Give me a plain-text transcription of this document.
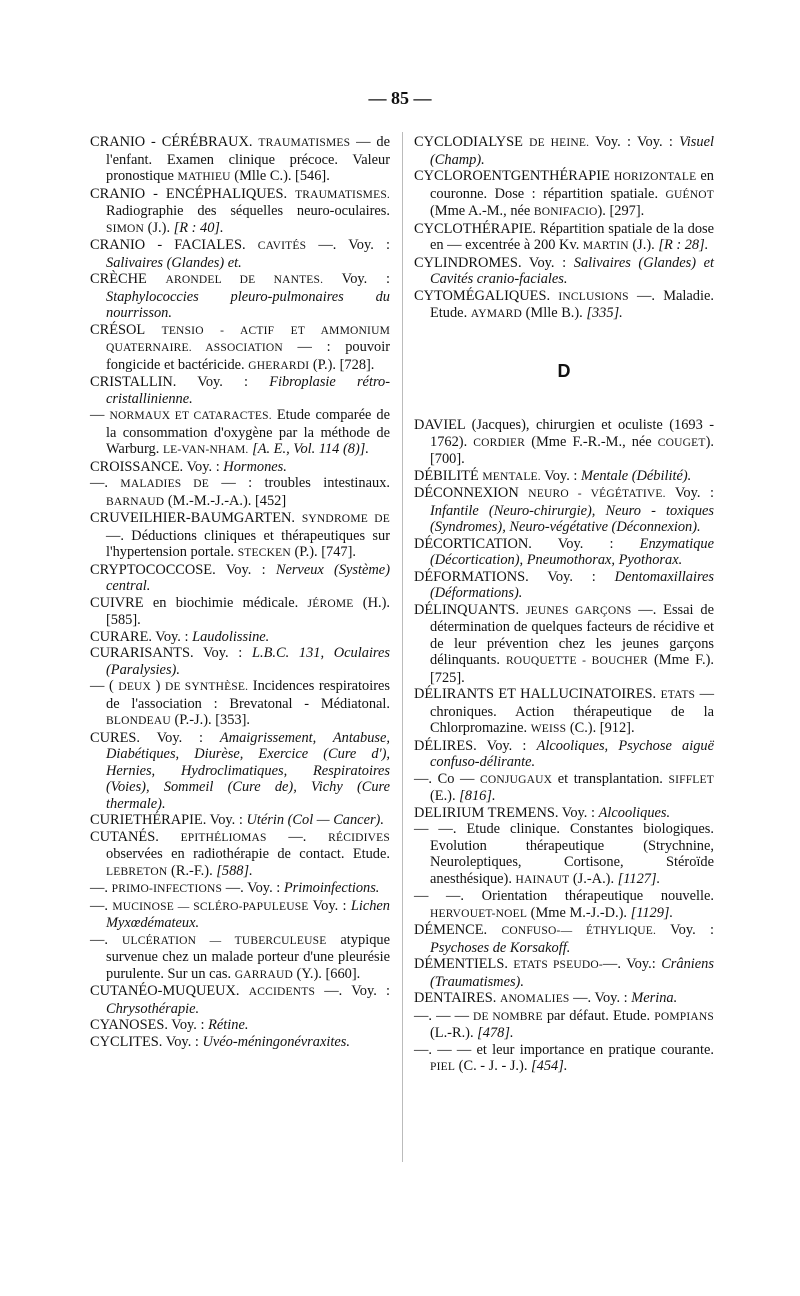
— 85 —
CRANIO - CÉRÉBRAUX. TRAUMATISMES — de l'enfant. Examen clinique précoce. Valeur pronostique MATHIEU (Mlle C.). [546].
CRANIO - ENCÉPHALIQUES. TRAUMATISMES. Radiographie des séquelles neuro-oculaires. SIMON (J.). [R : 40].
CRANIO - FACIALES. CAVITÉS —. Voy. : Salivaires (Glandes) et.
CRÈCHE ARONDEL DE NANTES. Voy. : Staphylococcies pleuro-pulmonaires du nourrisson.
CRÉSOL TENSIO - ACTIF ET AMMONIUM QUATERNAIRE. ASSOCIATION — : pouvoir fongicide et bactéricide. GHERARDI (P.). [728].
CRISTALLIN. Voy. : Fibroplasie rétro-cristallinienne.
— NORMAUX ET CATARACTES. Etude comparée de la consommation d'oxygène par la méthode de Warburg. LE-VAN-NHAM. [A. E., Vol. 114 (8)].
CROISSANCE. Voy. : Hormones.
—. MALADIES DE — : troubles intestinaux. BARNAUD (M.-M.-J.-A.). [452]
CRUVEILHIER-BAUMGARTEN. SYNDROME DE —. Déductions cliniques et thérapeutiques sur l'hypertension portale. STECKEN (P.). [747].
CRYPTOCOCCOSE. Voy. : Nerveux (Système) central.
CUIVRE en biochimie médicale. JÉROME (H.). [585].
CURARE. Voy. : Laudolissine.
CURARISANTS. Voy. : L.B.C. 131, Oculaires (Paralysies).
— ( DEUX ) DE SYNTHÈSE. Incidences respiratoires de l'association : Brevatonal - Médiatonal. BLONDEAU (P.-J.). [353].
CURES. Voy. : Amaigrissement, Antabuse, Diabétiques, Diurèse, Exercice (Cure d'), Hernies, Hydroclimatiques, Respiratoires (Voies), Sommeil (Cure de), Vichy (Cure thermale).
CURIETHÉRAPIE. Voy. : Utérin (Col — Cancer).
CUTANÉS. EPITHÉLIOMAS —. RÉCIDIVES observées en radiothérapie de contact. Etude. LEBRETON (R.-F.). [588].
—. PRIMO-INFECTIONS —. Voy. : Primoinfections.
—. MUCINOSE — SCLÉRO-PAPULEUSE Voy. : Lichen Myxœdémateux.
—. ULCÉRATION — TUBERCULEUSE atypique survenue chez un malade porteur d'une pleurésie purulente. Sur un cas. GARRAUD (Y.). [660].
CUTANÉO-MUQUEUX. ACCIDENTS —. Voy. : Chrysothérapie.
CYANOSES. Voy. : Rétine.
CYCLITES. Voy. : Uvéo-méningonévraxites.
CYCLODIALYSE DE HEINE. Voy. : Voy. : Visuel (Champ).
CYCLOROENTGENTHÉRAPIE HORIZONTALE en couronne. Dose : répartition spatiale. GUÉNOT (Mme A.-M., née BONIFACIO). [297].
CYCLOTHÉRAPIE. Répartition spatiale de la dose en — excentrée à 200 Kv. MARTIN (J.). [R : 28].
CYLINDROMES. Voy. : Salivaires (Glandes) et Cavités cranio-faciales.
CYTOMÉGALIQUES. INCLUSIONS —. Maladie. Etude. AYMARD (Mlle B.). [335].
D
DAVIEL (Jacques), chirurgien et oculiste (1693 - 1762). CORDIER (Mme F.-R.-M., née COUGET). [700].
DÉBILITÉ MENTALE. Voy. : Mentale (Débilité).
DÉCONNEXION NEURO - VÉGÉTATIVE. Voy. : Infantile (Neuro-chirurgie), Neuro - toxiques (Syndromes), Neuro-végétative (Déconnexion).
DÉCORTICATION. Voy. : Enzymatique (Décortication), Pneumothorax, Pyothorax.
DÉFORMATIONS. Voy. : Dentomaxillaires (Déformations).
DÉLINQUANTS. JEUNES GARÇONS —. Essai de détermination de quelques facteurs de récidive et de leur prévention chez les jeunes garçons délinquants. ROUQUETTE - BOUCHER (Mme F.). [725].
DÉLIRANTS ET HALLUCINATOIRES. ETATS — chroniques. Action thérapeutique de la Chlorpromazine. WEISS (C.). [912].
DÉLIRES. Voy. : Alcooliques, Psychose aiguë confuso-délirante.
—. Co — CONJUGAUX et transplantation. SIFFLET (E.). [816].
DELIRIUM TREMENS. Voy. : Alcooliques.
— —. Etude clinique. Constantes biologiques. Evolution thérapeutique (Strychnine, Neuroleptiques, Cortisone, Stéroïde anesthésique). HAINAUT (J.-A.). [1127].
— —. Orientation thérapeutique nouvelle. HERVOUET-NOEL (Mme M.-J.-D.). [1129].
DÉMENCE. CONFUSO-— ÉTHYLIQUE. Voy. : Psychoses de Korsakoff.
DÉMENTIELS. ETATS PSEUDO-—. Voy.: Crâniens (Traumatismes).
DENTAIRES. ANOMALIES —. Voy. : Merina.
—. — — DE NOMBRE par défaut. Etude. POMPIANS (L.-R.). [478].
—. — — et leur importance en pratique courante. PIEL (C. - J. - J.). [454].
